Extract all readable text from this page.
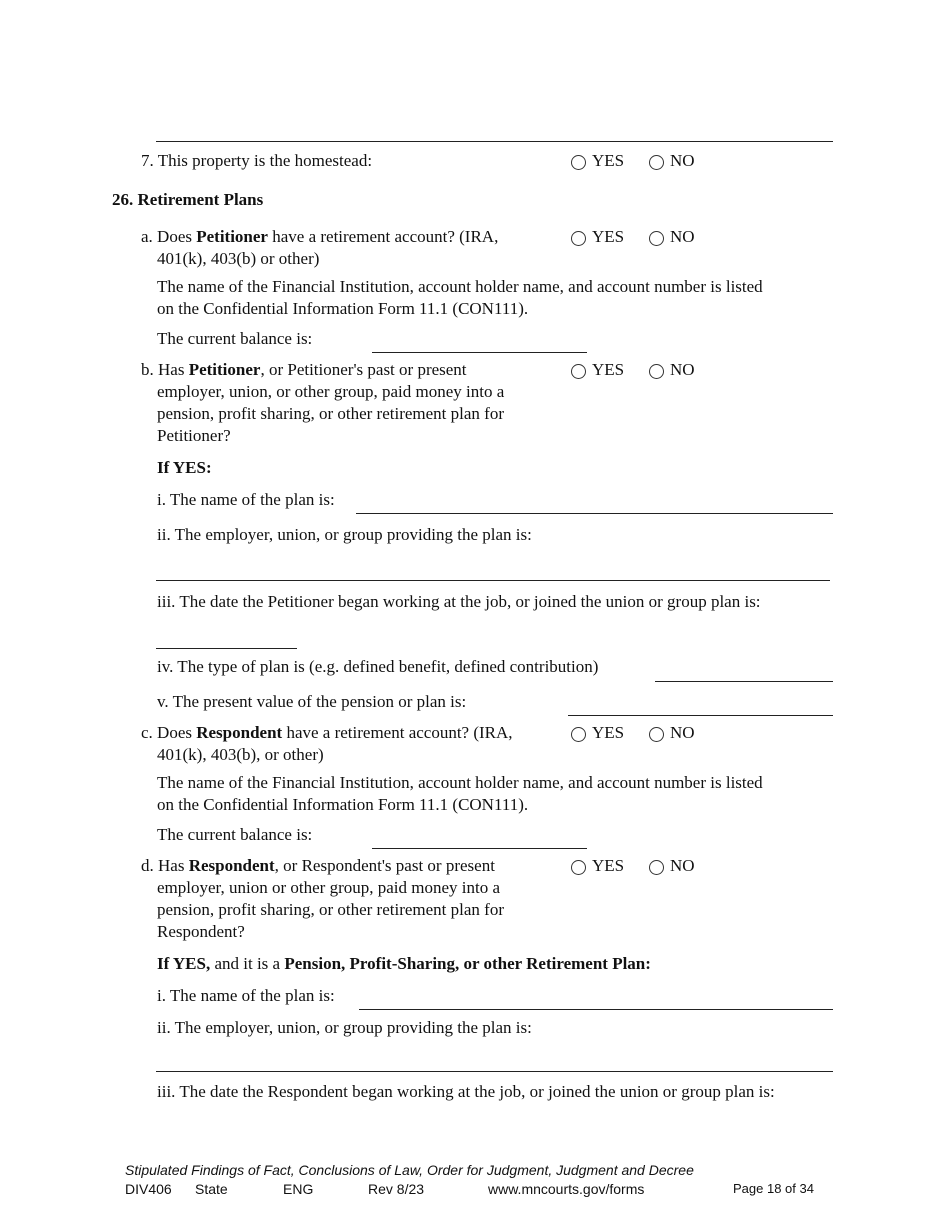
7. This property is the homestead:	YES	NO
26. Retirement Plans
a. Does Petitioner have a retirement account? (IRA,
401(k), 403(b) or other)
YES	NO
The name of the Financial Institution, account holder name, and account number is listed
on the Confidential Information Form 11.1 (CON111).
The current balance is:
b. Has Petitioner, or Petitioner's past or present
employer, union, or other group, paid money into a
pension, profit sharing, or other retirement plan for
Petitioner?
YES	NO
If YES:
i. The name of the plan is:
ii. The employer, union, or group providing the plan is:
iii. The date the Petitioner began working at the job, or joined the union or group plan is:
iv. The type of plan is (e.g. defined benefit, defined contribution)
v. The present value of the pension or plan is:
c. Does Respondent have a retirement account? (IRA,
401(k), 403(b), or other)
YES	NO
The name of the Financial Institution, account holder name, and account number is listed
on the Confidential Information Form 11.1 (CON111).
The current balance is:
d. Has Respondent, or Respondent's past or present
employer, union or other group, paid money into a
pension, profit sharing, or other retirement plan for
Respondent?
YES	NO
If YES, and it is a Pension, Profit-Sharing, or other Retirement Plan:
i. The name of the plan is:
ii. The employer, union, or group providing the plan is:
iii. The date the Respondent began working at the job, or joined the union or group plan is:
Stipulated Findings of Fact, Conclusions of Law, Order for Judgment, Judgment and Decree
DIV406 State	ENG	Rev 8/23	www.mncourts.gov/forms	Page 18 of 34
